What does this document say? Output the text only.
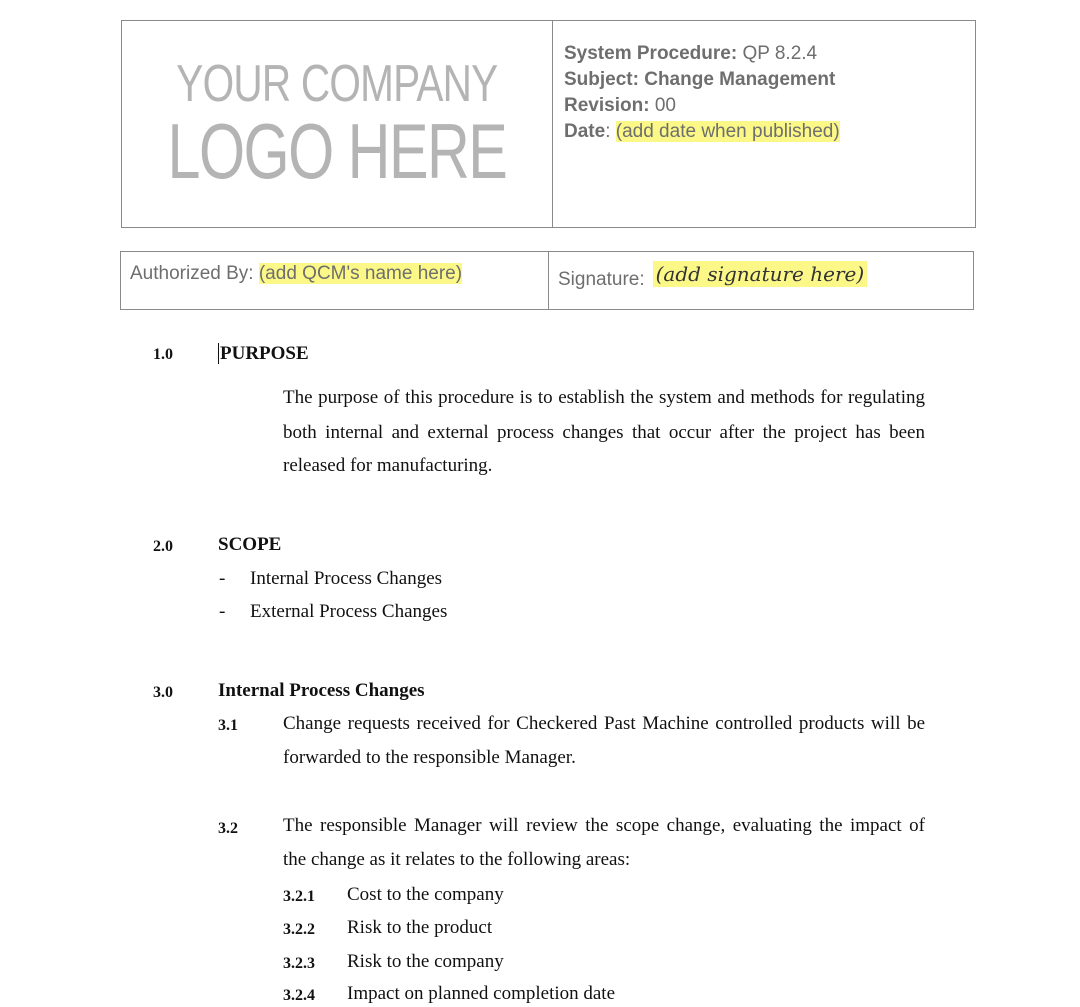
YOUR COMPANY
LOGO HERE
System Procedure: QP 8.2.4
Subject: Change Management
Revision: 00
Date: (add date when published)
Authorized By: (add QCM's name here)	Signature: (add signature here)
1.0 PURPOSE
The purpose of this procedure is to establish the system and methods for regulating
both internal and external process changes that occur after the project has been
released for manufacturing.
2.0 SCOPE
- Internal Process Changes
- External Process Changes
3.0 Internal Process Changes
3.1 Change requests received for Checkered Past Machine controlled products will be
forwarded to the responsible Manager.
3.2 The responsible Manager will review the scope change, evaluating the impact of
the change as it relates to the following areas:
3.2.1 Cost to the company
3.2.2 Risk to the product
3.2.3 Risk to the company
3.2.4 Impact on planned completion date
